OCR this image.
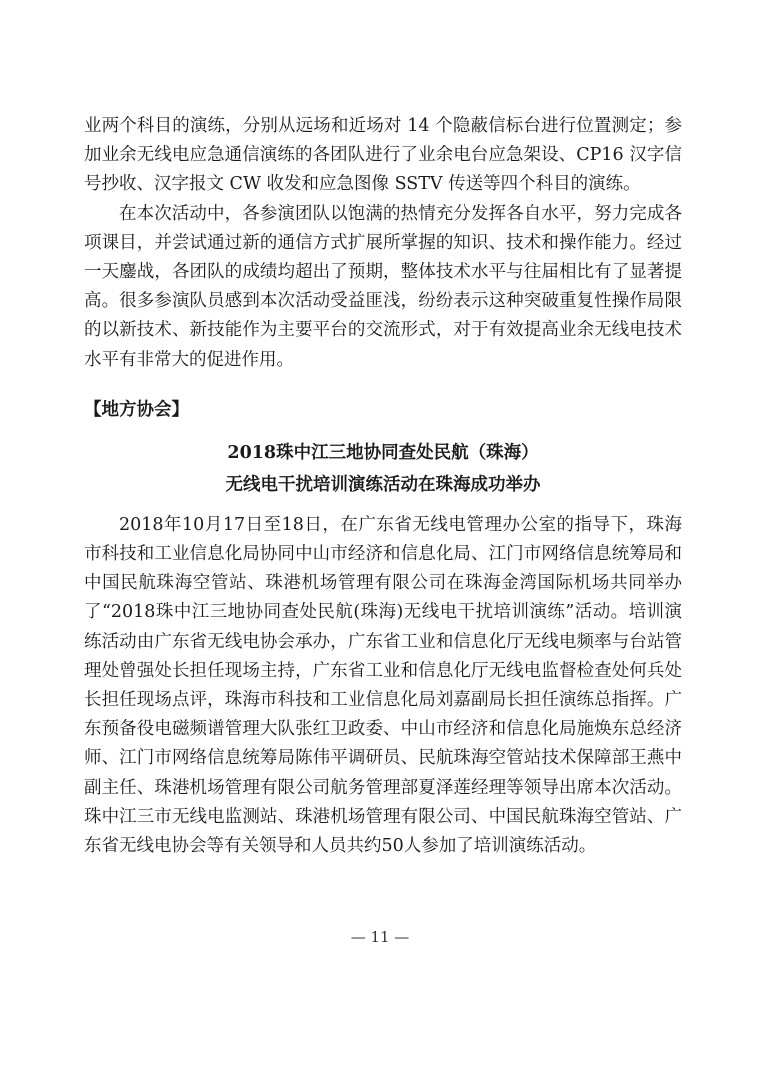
业两个科目的演练，分别从远场和近场对 14 个隐蔽信标台进行位置测定；参加业余无线电应急通信演练的各团队进行了业余电台应急架设、CP16 汉字信号抄收、汉字报文 CW 收发和应急图像 SSTV 传送等四个科目的演练。

在本次活动中，各参演团队以饱满的热情充分发挥各自水平，努力完成各项课目，并尝试通过新的通信方式扩展所掌握的知识、技术和操作能力。经过一天鏖战，各团队的成绩均超出了预期，整体技术水平与往届相比有了显著提高。很多参演队员感到本次活动受益匪浅，纷纷表示这种突破重复性操作局限的以新技术、新技能作为主要平台的交流形式，对于有效提高业余无线电技术水平有非常大的促进作用。

【地方协会】
2018珠中江三地协同查处民航（珠海）
无线电干扰培训演练活动在珠海成功举办

2018年10月17日至18日，在广东省无线电管理办公室的指导下，珠海市科技和工业信息化局协同中山市经济和信息化局、江门市网络信息统筹局和中国民航珠海空管站、珠港机场管理有限公司在珠海金湾国际机场共同举办了“2018珠中江三地协同查处民航(珠海)无线电干扰培训演练”活动。培训演练活动由广东省无线电协会承办，广东省工业和信息化厅无线电频率与台站管理处曾强处长担任现场主持，广东省工业和信息化厅无线电监督检查处何兵处长担任现场点评，珠海市科技和工业信息化局刘嘉副局长担任演练总指挥。广东预备役电磁频谱管理大队张红卫政委、中山市经济和信息化局施焕东总经济师、江门市网络信息统筹局陈伟平调研员、民航珠海空管站技术保障部王燕中副主任、珠港机场管理有限公司航务管理部夏泽莲经理等领导出席本次活动。珠中江三市无线电监测站、珠港机场管理有限公司、中国民航珠海空管站、广东省无线电协会等有关领导和人员共约50人参加了培训演练活动。

— 11 —
